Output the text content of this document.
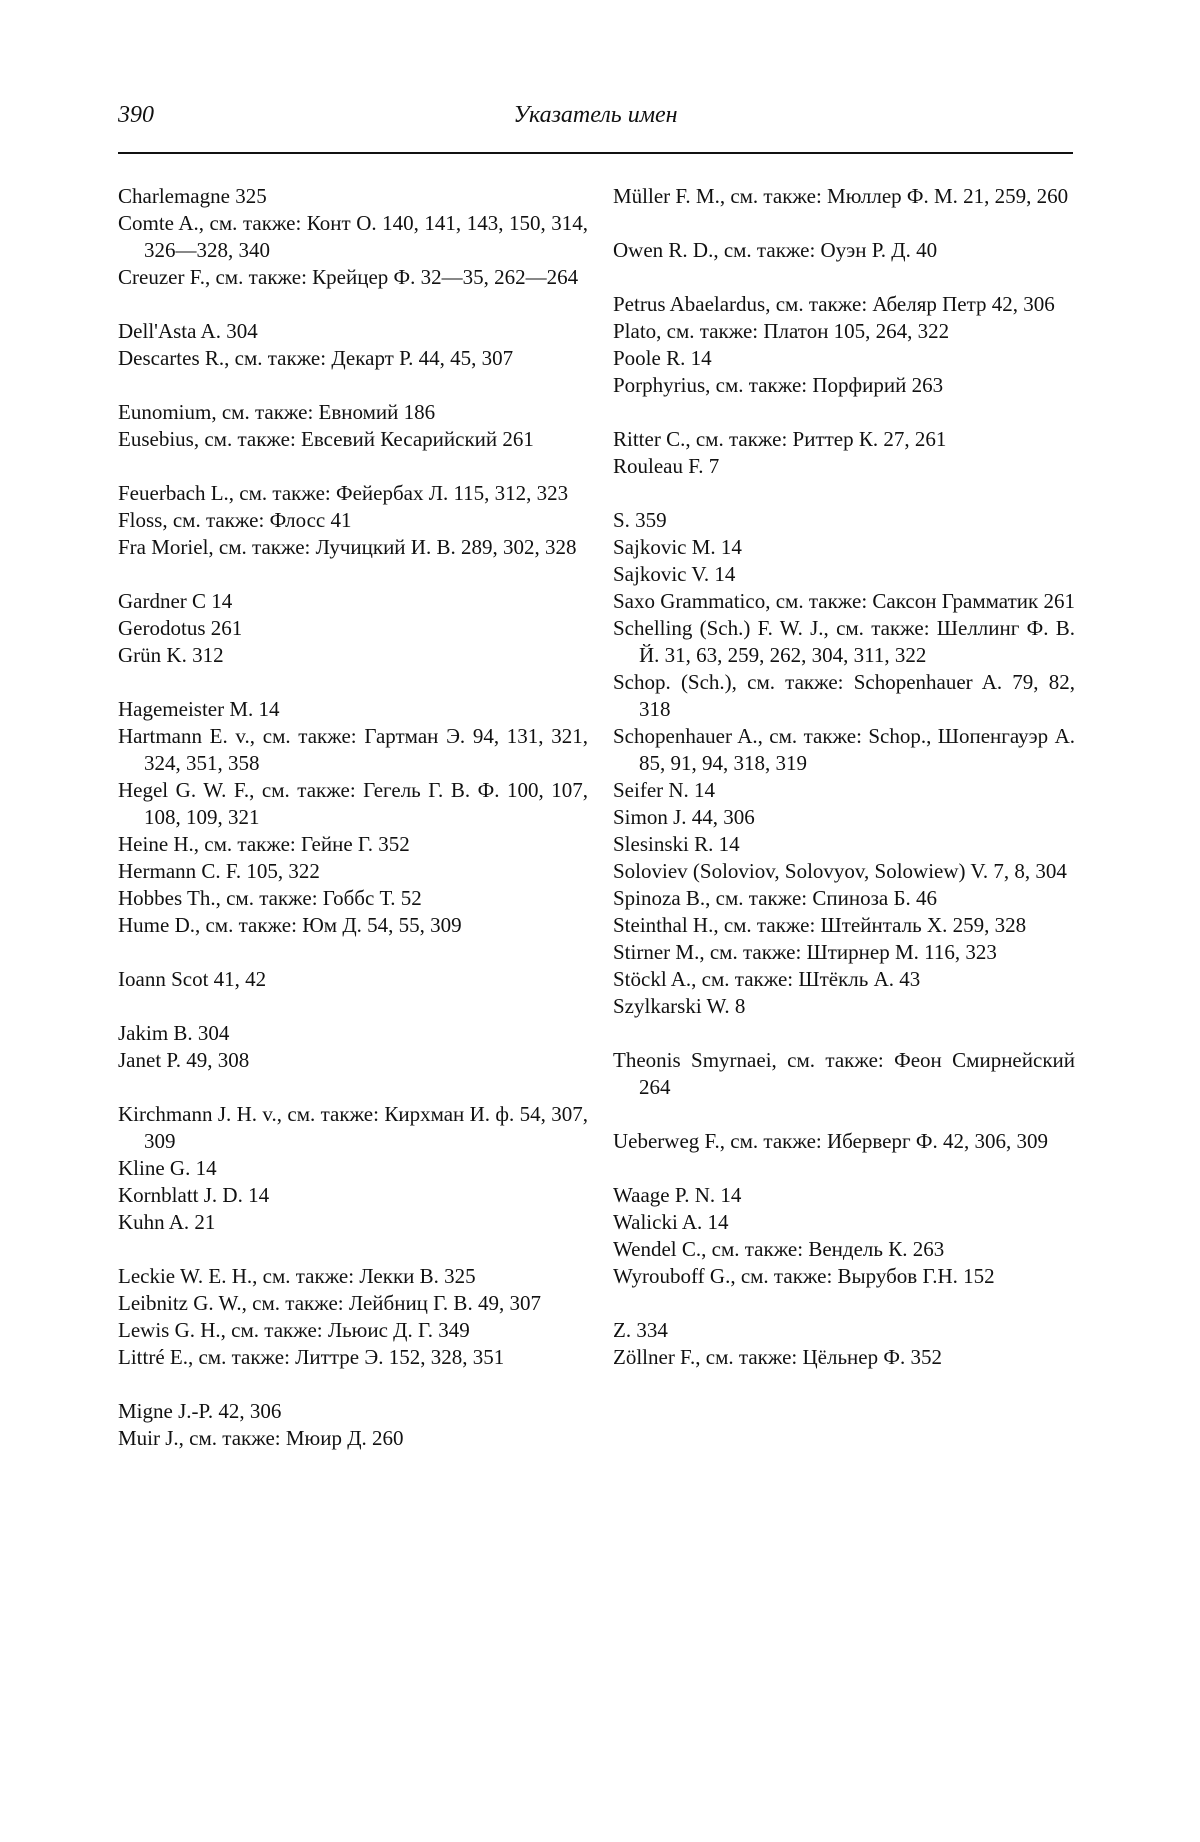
390	Указатель имен
Charlemagne 325
Comte A., см. также: Конт О. 140, 141, 143, 150, 314, 326—328, 340
Creuzer F., см. также: Крейцер Ф. 32—35, 262—264
Dell'Asta A. 304
Descartes R., см. также: Декарт Р. 44, 45, 307
Eunomium, см. также: Евномий 186
Eusebius, см. также: Евсевий Кесарийский 261
Feuerbach L., см. также: Фейербах Л. 115, 312, 323
Floss, см. также: Флосс 41
Fra Moriel, см. также: Лучицкий И. В. 289, 302, 328
Gardner C 14
Gerodotus 261
Grün K. 312
Hagemeister M. 14
Hartmann E. v., см. также: Гартман Э. 94, 131, 321, 324, 351, 358
Hegel G. W. F., см. также: Гегель Г. В. Ф. 100, 107, 108, 109, 321
Heine H., см. также: Гейне Г. 352
Hermann C. F. 105, 322
Hobbes Th., см. также: Гоббс Т. 52
Hume D., см. также: Юм Д. 54, 55, 309
Ioann Scot 41, 42
Jakim B. 304
Janet P. 49, 308
Kirchmann J. H. v., см. также: Кирхман И. ф. 54, 307, 309
Kline G. 14
Kornblatt J. D. 14
Kuhn A. 21
Leckie W. E. H., см. также: Лекки В. 325
Leibnitz G. W., см. также: Лейбниц Г. В. 49, 307
Lewis G. H., см. также: Льюис Д. Г. 349
Littré E., см. также: Литтре Э. 152, 328, 351
Migne J.-P. 42, 306
Muir J., см. также: Мюир Д. 260
Müller F. M., см. также: Мюллер Ф. М. 21, 259, 260
Owen R. D., см. также: Оуэн Р. Д. 40
Petrus Abaelardus, см. также: Абеляр Петр 42, 306
Plato, см. также: Платон 105, 264, 322
Poole R. 14
Porphyrius, см. также: Порфирий 263
Ritter C., см. также: Риттер К. 27, 261
Rouleau F. 7
S. 359
Sajkovic M. 14
Sajkovic V. 14
Saxo Grammatico, см. также: Саксон Грамматик 261
Schelling (Sch.) F. W. J., см. также: Шеллинг Ф. В. Й. 31, 63, 259, 262, 304, 311, 322
Schop. (Sch.), см. также: Schopenhauer A. 79, 82, 318
Schopenhauer A., см. также: Schop., Шопенгауэр А. 85, 91, 94, 318, 319
Seifer N. 14
Simon J. 44, 306
Slesinski R. 14
Soloviev (Soloviov, Solovyov, Solowiew) V. 7, 8, 304
Spinoza B., см. также: Спиноза Б. 46
Steinthal H., см. также: Штейнталь Х. 259, 328
Stirner M., см. также: Штирнер М. 116, 323
Stöckl A., см. также: Штёкль А. 43
Szylkarski W. 8
Theonis Smyrnaei, см. также: Феон Смирнейский 264
Ueberweg F., см. также: Иберверг Ф. 42, 306, 309
Waage P. N. 14
Walicki A. 14
Wendel C., см. также: Вендель К. 263
Wyrouboff G., см. также: Вырубов Г.Н. 152
Z. 334
Zöllner F., см. также: Цёльнер Ф. 352
